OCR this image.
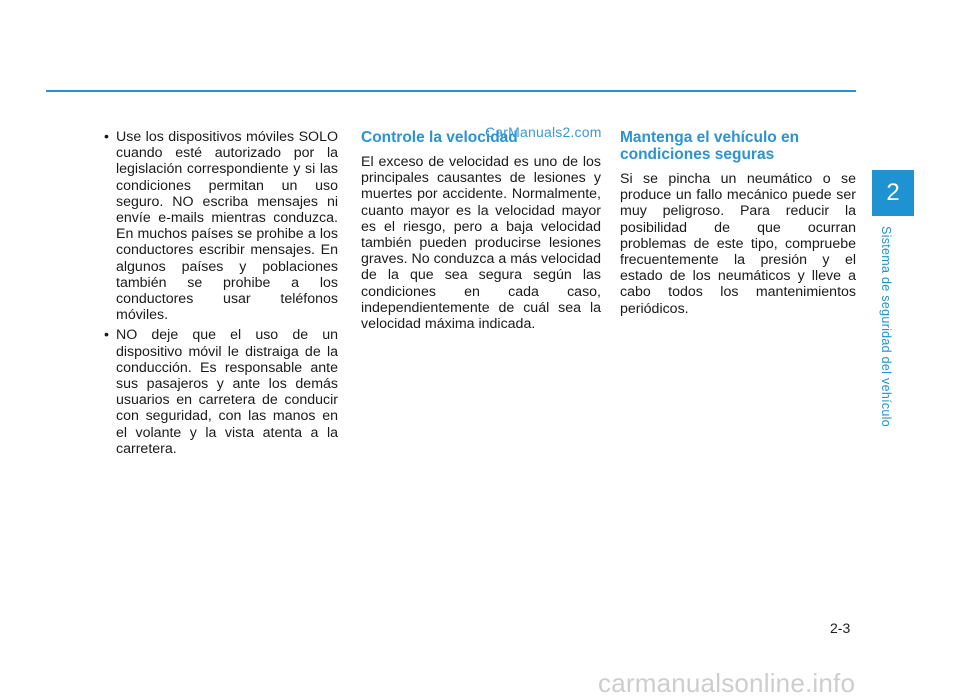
2
Sistema de seguridad del vehículo
• Use los dispositivos móviles SOLO cuando esté autorizado por la legislación correspondiente y si las condiciones permitan un uso seguro. NO escriba mensajes ni envíe e-mails mientras conduzca. En muchos países se prohibe a los conductores escribir mensajes. En algunos países y poblaciones también se prohibe a los conductores usar teléfonos móviles.
• NO deje que el uso de un dispositivo móvil le distraiga de la conducción. Es responsable ante sus pasajeros y ante los demás usuarios en carretera de conducir con seguridad, con las manos en el volante y la vista atenta a la carretera.
Controle la velocidad

El exceso de velocidad es uno de los principales causantes de lesiones y muertes por accidente. Normalmente, cuanto mayor es la velocidad mayor es el riesgo, pero a baja velocidad también pueden producirse lesiones graves. No conduzca a más velocidad de la que sea segura según las condiciones en cada caso, independientemente de cuál sea la velocidad máxima indicada.

Mantenga el vehículo en condiciones seguras

Si se pincha un neumático o se produce un fallo mecánico puede ser muy peligroso. Para reducir la posibilidad de que ocurran problemas de este tipo, compruebe frecuentemente la presión y el estado de los neumáticos y lleve a cabo todos los mantenimientos periódicos.

CarManuals2.com
2-3
carmanualsonline.info
